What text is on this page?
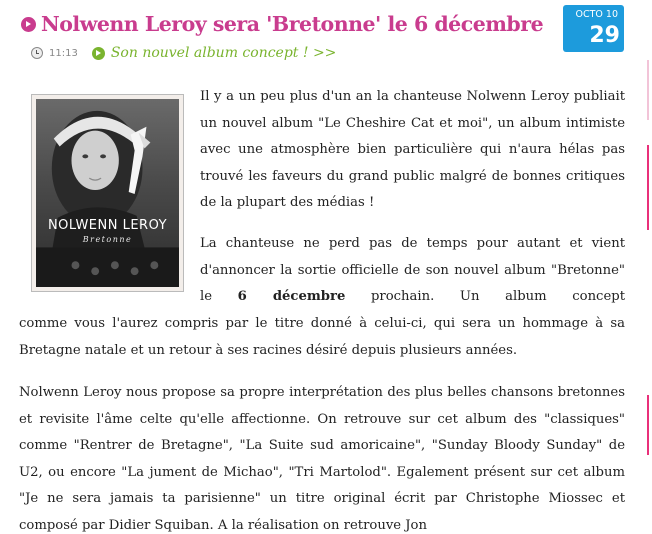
Nolwenn Leroy sera 'Bretonne' le 6 décembre
11:13 Son nouvel album concept ! >>
OCTO 10
29
NOLWENN LEROY
Bretonne

Il y a un peu plus d'un an la chanteuse Nolwenn Leroy publiait un nouvel album "Le Cheshire Cat et moi", un album intimiste avec une atmosphère bien particulière qui n'aura hélas pas trouvé les faveurs du grand public malgré de bonnes critiques de la plupart des médias !

La chanteuse ne perd pas de temps pour autant et vient d'annoncer la sortie officielle de son nouvel album "Bretonne" le 6 décembre prochain. Un album concept

comme vous l'aurez compris par le titre donné à celui-ci, qui sera un hommage à sa Bretagne natale et un retour à ses racines désiré depuis plusieurs années.

Nolwenn Leroy nous propose sa propre interprétation des plus belles chansons bretonnes et revisite l'âme celte qu'elle affectionne. On retrouve sur cet album des "classiques" comme "Rentrer de Bretagne", "La Suite sud amoricaine", "Sunday Bloody Sunday" de U2, ou encore "La jument de Michao", "Tri Martolod". Egalement présent sur cet album "Je ne sera jamais ta parisienne" un titre original écrit par Christophe Miossec et composé par Didier Squiban. A la réalisation on retrouve Jon
